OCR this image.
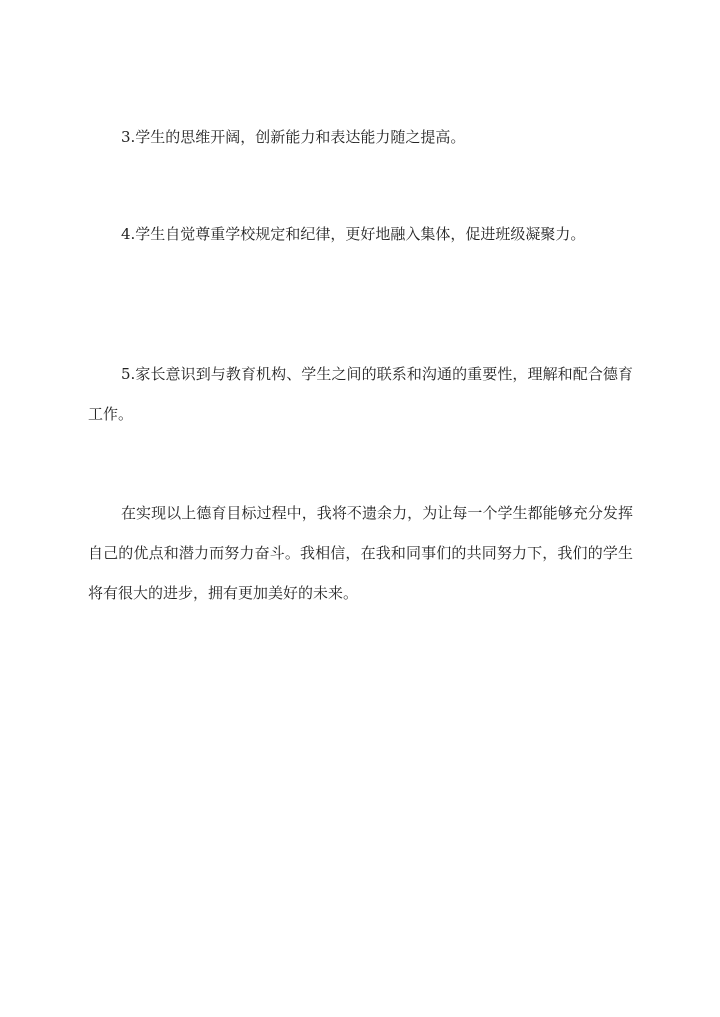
3.学生的思维开阔，创新能力和表达能力随之提高。

4.学生自觉尊重学校规定和纪律，更好地融入集体，促进班级凝聚力。

5.家长意识到与教育机构、学生之间的联系和沟通的重要性，理解和配合德育工作。

在实现以上德育目标过程中，我将不遗余力，为让每一个学生都能够充分发挥自己的优点和潜力而努力奋斗。我相信，在我和同事们的共同努力下，我们的学生将有很大的进步，拥有更加美好的未来。
